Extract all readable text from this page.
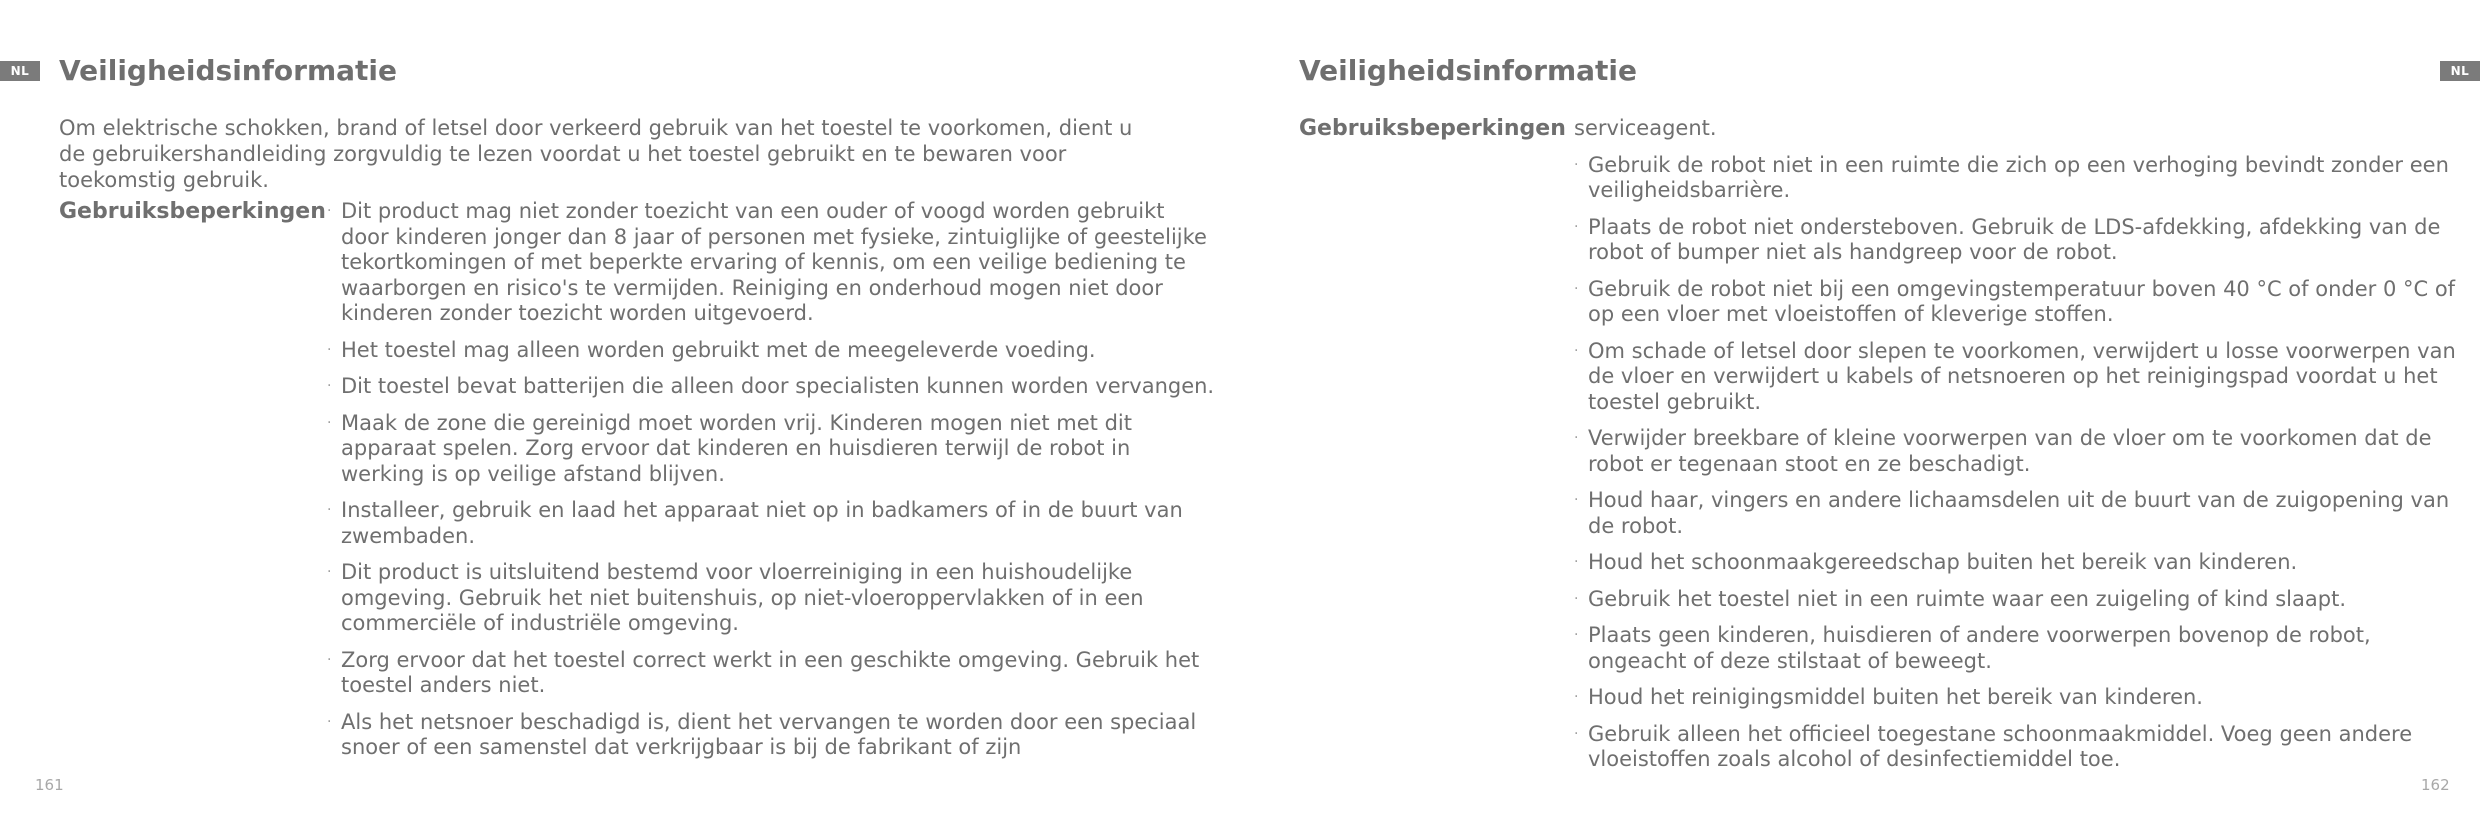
NL	Veiligheidsinformatie

Om elektrische schokken, brand of letsel door verkeerd gebruik van het toestel te voorkomen, dient u de gebruikershandleiding zorgvuldig te lezen voordat u het toestel gebruikt en te bewaren voor toekomstig gebruik.

Gebruiksbeperkingen · Dit product mag niet zonder toezicht van een ouder of voogd worden gebruikt door kinderen jonger dan 8 jaar of personen met fysieke, zintuiglijke of geestelijke tekortkomingen of met beperkte ervaring of kennis, om een veilige bediening te waarborgen en risico's te vermijden. Reiniging en onderhoud mogen niet door kinderen zonder toezicht worden uitgevoerd.
· Het toestel mag alleen worden gebruikt met de meegeleverde voeding.
· Dit toestel bevat batterijen die alleen door specialisten kunnen worden vervangen.
· Maak de zone die gereinigd moet worden vrij. Kinderen mogen niet met dit apparaat spelen. Zorg ervoor dat kinderen en huisdieren terwijl de robot in werking is op veilige afstand blijven.
· Installeer, gebruik en laad het apparaat niet op in badkamers of in de buurt van zwembaden.
· Dit product is uitsluitend bestemd voor vloerreiniging in een huishoudelijke omgeving. Gebruik het niet buitenshuis, op niet-vloeroppervlakken of in een commerciële of industriële omgeving.
· Zorg ervoor dat het toestel correct werkt in een geschikte omgeving. Gebruik het toestel anders niet.
· Als het netsnoer beschadigd is, dient het vervangen te worden door een speciaal snoer of een samenstel dat verkrijgbaar is bij de fabrikant of zijn
161
NL
Veiligheidsinformatie
Gebruiksbeperkingen serviceagent.
· Gebruik de robot niet in een ruimte die zich op een verhoging bevindt zonder een veiligheidsbarrière.
· Plaats de robot niet ondersteboven. Gebruik de LDS-afdekking, afdekking van de robot of bumper niet als handgreep voor de robot.
· Gebruik de robot niet bij een omgevingstemperatuur boven 40 °C of onder 0 °C of op een vloer met vloeistoffen of kleverige stoffen.
· Om schade of letsel door slepen te voorkomen, verwijdert u losse voorwerpen van de vloer en verwijdert u kabels of netsnoeren op het reinigingspad voordat u het toestel gebruikt.
· Verwijder breekbare of kleine voorwerpen van de vloer om te voorkomen dat de robot er tegenaan stoot en ze beschadigt.
· Houd haar, vingers en andere lichaamsdelen uit de buurt van de zuigopening van de robot.
· Houd het schoonmaakgereedschap buiten het bereik van kinderen.
· Gebruik het toestel niet in een ruimte waar een zuigeling of kind slaapt.
· Plaats geen kinderen, huisdieren of andere voorwerpen bovenop de robot, ongeacht of deze stilstaat of beweegt.
· Houd het reinigingsmiddel buiten het bereik van kinderen.
· Gebruik alleen het officieel toegestane schoonmaakmiddel. Voeg geen andere vloeistoffen zoals alcohol of desinfectiemiddel toe.
162
